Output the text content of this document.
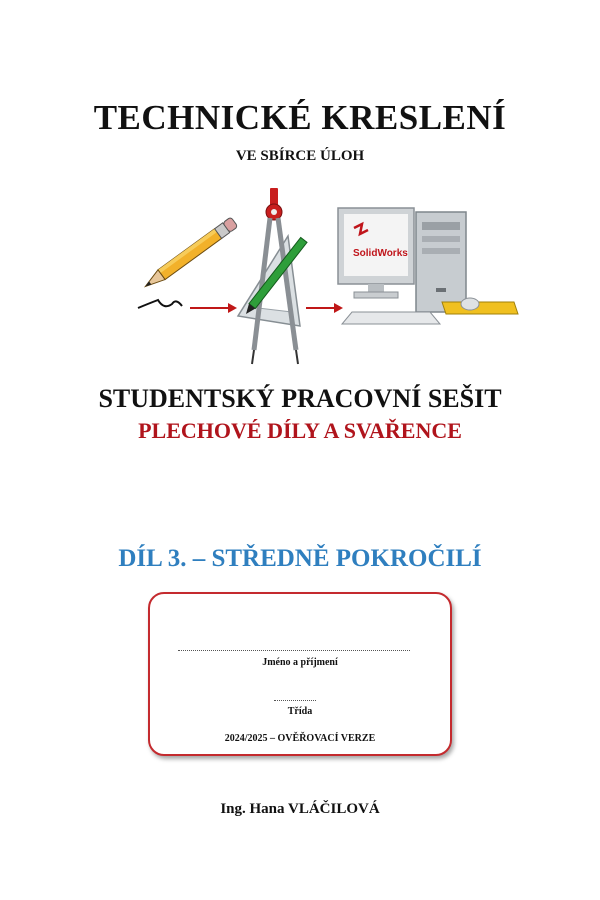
TECHNICKÉ KRESLENÍ
VE SBÍRCE ÚLOH
SolidWorks
STUDENTSKÝ PRACOVNÍ SEŠIT
PLECHOVÉ DÍLY A SVAŘENCE
DÍL 3. – STŘEDNĚ POKROČILÍ
Jméno a příjmení
Třída
2024/2025 – OVĚŘOVACÍ VERZE
Ing. Hana VLÁČILOVÁ
